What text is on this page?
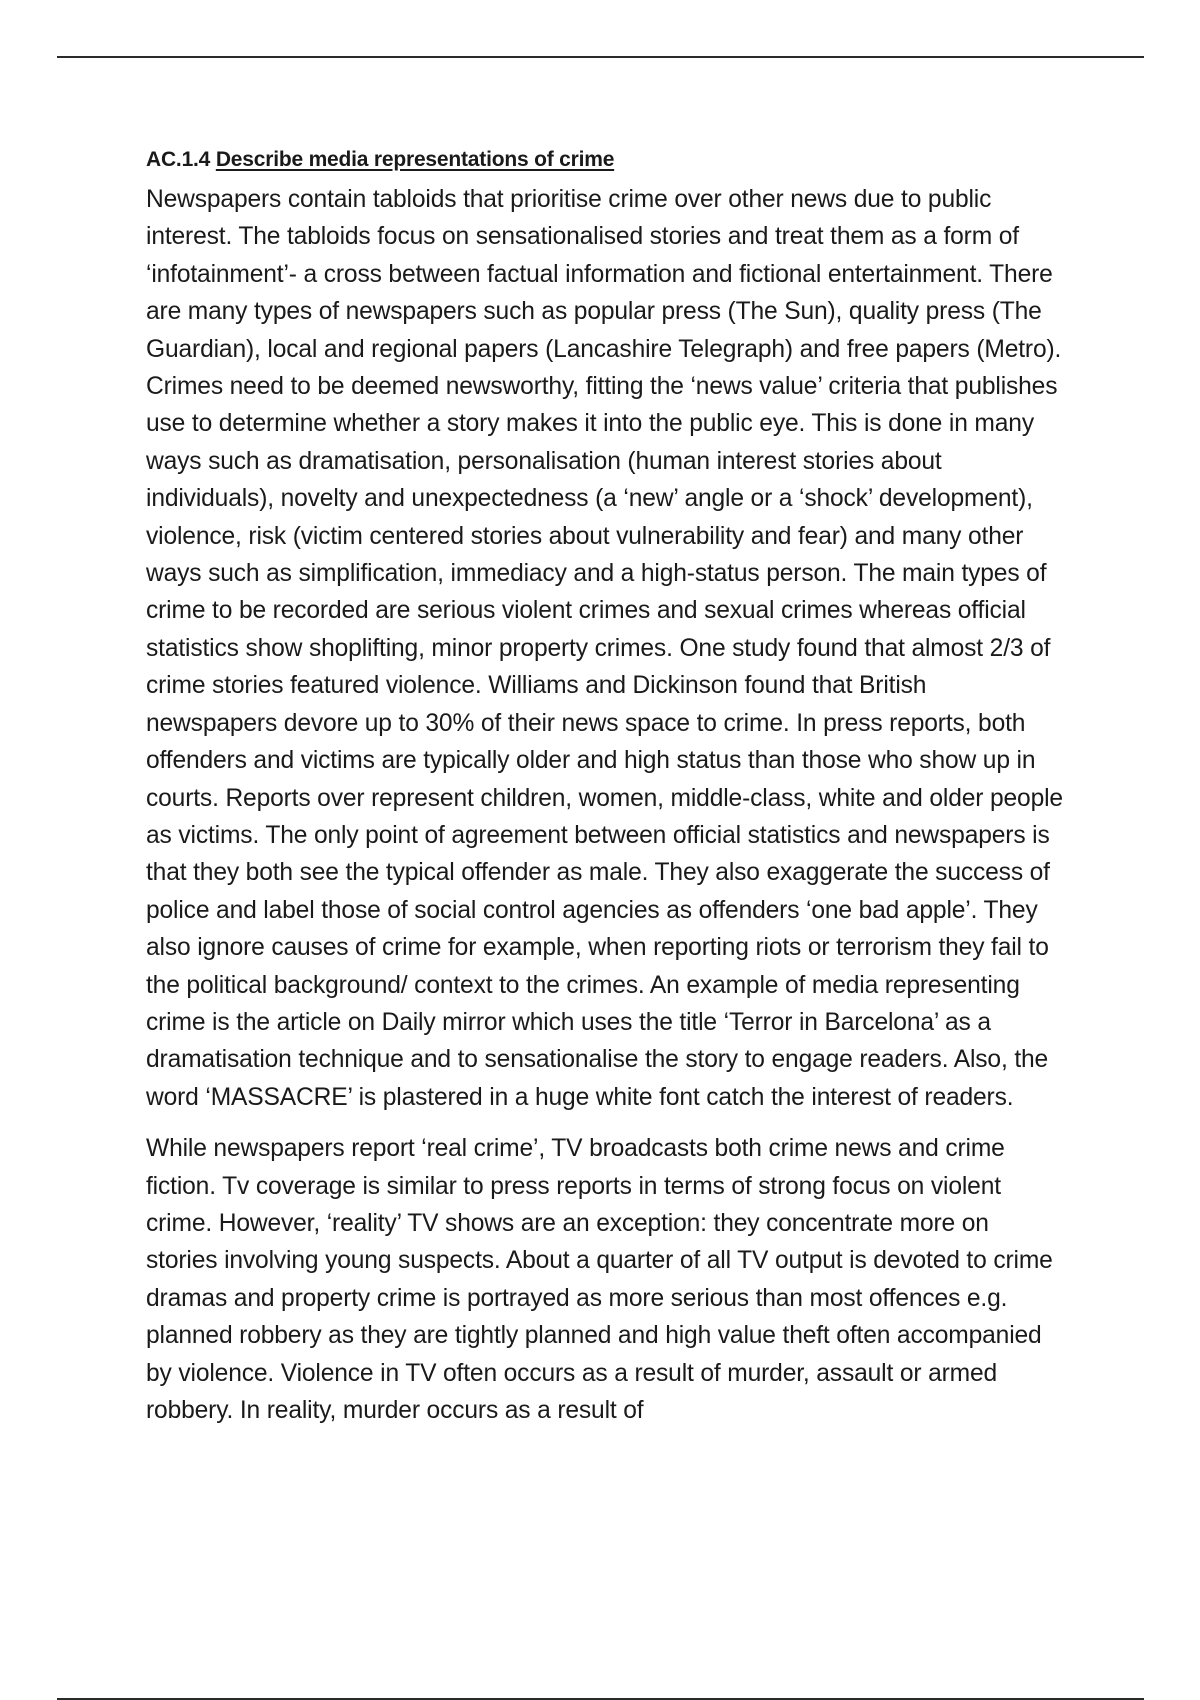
AC.1.4 Describe media representations of crime

Newspapers contain tabloids that prioritise crime over other news due to public interest. The tabloids focus on sensationalised stories and treat them as a form of ‘infotainment’- a cross between factual information and fictional entertainment. There are many types of newspapers such as popular press (The Sun), quality press (The Guardian), local and regional papers (Lancashire Telegraph) and free papers (Metro). Crimes need to be deemed newsworthy, fitting the ‘news value’ criteria that publishes use to determine whether a story makes it into the public eye. This is done in many ways such as dramatisation, personalisation (human interest stories about individuals), novelty and unexpectedness (a ‘new’ angle or a ‘shock’ development), violence, risk (victim centered stories about vulnerability and fear) and many other ways such as simplification, immediacy and a high-status person. The main types of crime to be recorded are serious violent crimes and sexual crimes whereas official statistics show shoplifting, minor property crimes. One study found that almost 2/3 of crime stories featured violence. Williams and Dickinson found that British newspapers devore up to 30% of their news space to crime. In press reports, both offenders and victims are typically older and high status than those who show up in courts. Reports over represent children, women, middle-class, white and older people as victims. The only point of agreement between official statistics and newspapers is that they both see the typical offender as male. They also exaggerate the success of police and label those of social control agencies as offenders ‘one bad apple’. They also ignore causes of crime for example, when reporting riots or terrorism they fail to the political background/ context to the crimes. An example of media representing crime is the article on Daily mirror which uses the title ‘Terror in Barcelona’ as a dramatisation technique and to sensationalise the story to engage readers. Also, the word ‘MASSACRE’ is plastered in a huge white font catch the interest of readers.

While newspapers report ‘real crime’, TV broadcasts both crime news and crime fiction. Tv coverage is similar to press reports in terms of strong focus on violent crime. However, ‘reality’ TV shows are an exception: they concentrate more on stories involving young suspects. About a quarter of all TV output is devoted to crime dramas and property crime is portrayed as more serious than most offences e.g. planned robbery as they are tightly planned and high value theft often accompanied by violence. Violence in TV often occurs as a result of murder, assault or armed robbery. In reality, murder occurs as a result of
